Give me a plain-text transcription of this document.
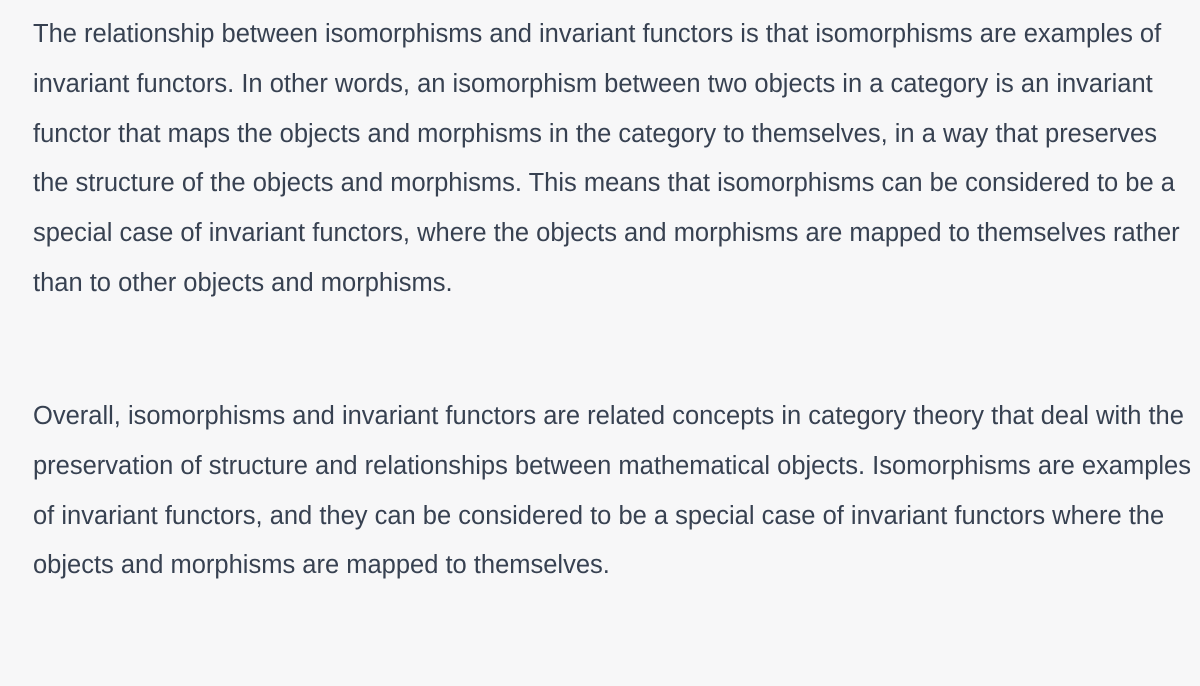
The relationship between isomorphisms and invariant functors is that isomorphisms are examples of invariant functors. In other words, an isomorphism between two objects in a category is an invariant functor that maps the objects and morphisms in the category to themselves, in a way that preserves the structure of the objects and morphisms. This means that isomorphisms can be considered to be a special case of invariant functors, where the objects and morphisms are mapped to themselves rather than to other objects and morphisms.

Overall, isomorphisms and invariant functors are related concepts in category theory that deal with the preservation of structure and relationships between mathematical objects. Isomorphisms are examples of invariant functors, and they can be considered to be a special case of invariant functors where the objects and morphisms are mapped to themselves.
